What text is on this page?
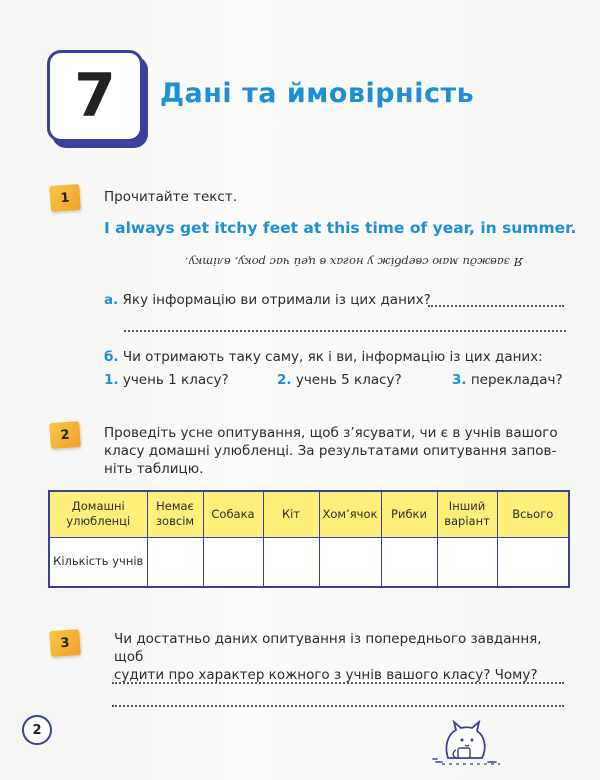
7 Дані та ймовірність
1	Прочитайте текст.
I always get itchy feet at this time of year, in summer.
Я завжди маю свербіж у ногах в цей час року, влітку.
а. Яку інформацію ви отримали із цих даних?
б. Чи отримають таку саму, як і ви, інформацію із цих даних:
1. учень 1 класу?	2. учень 5 класу?	3. перекладач?
2	Проведіть усне опитування, щоб з’ясувати, чи є в учнів вашого
класу домашні улюбленці. За результатами опитування запов-
ніть таблицю.
Домашні улюбленці	Немає зовсім	Собака	Кіт	Хом’ячок	Рибки	Інший варіант	Всього
Кількість учнів							
3	Чи достатньо даних опитування із попереднього завдання, щоб
судити про характер кожного з учнів вашого класу? Чому?
2
